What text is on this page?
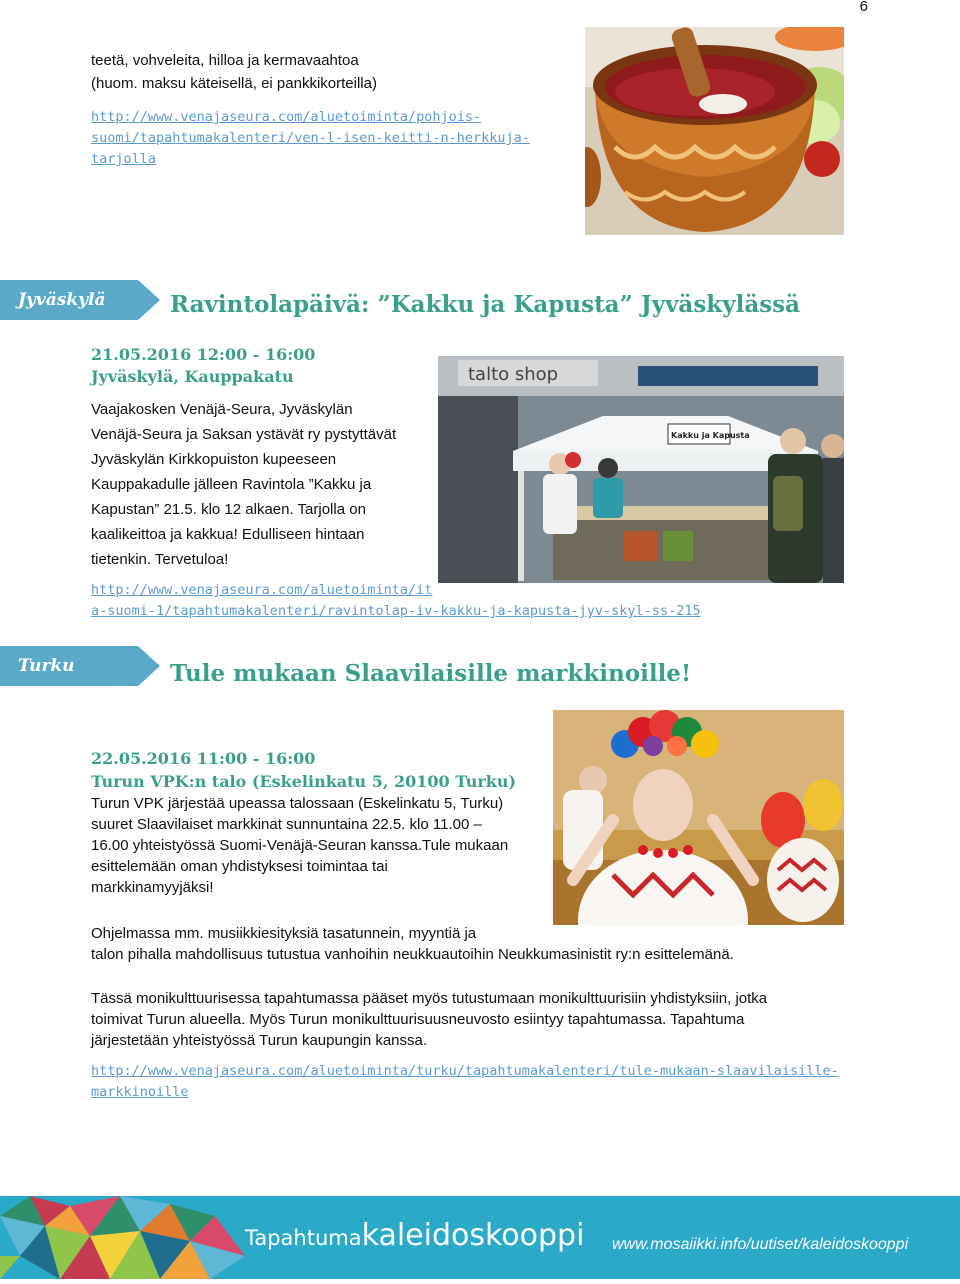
6
teetä, vohveleita, hilloa ja kermavaahtoa
(huom. maksu käteisellä, ei pankkikorteilla)
http://www.venajaseura.com/aluetoiminta/pohjois-
suomi/tapahtumakalenteri/ven-l-isen-keitti-n-herkkuja-tarjolla
Jyväskylä	Ravintolapäivä: ”Kakku ja Kapusta” Jyväskylässä
21.05.2016 12:00 - 16:00
Jyväskylä, Kauppakatu
Vaajakosken Venäjä-Seura, Jyväskylän
Venäjä-Seura ja Saksan ystävät ry pystyttävät
Jyväskylän Kirkkopuiston kupeeseen
Kauppakadulle jälleen Ravintola ”Kakku ja
Kapustan” 21.5. klo 12 alkaen. Tarjolla on
kaalikeittoa ja kakkua! Edulliseen hintaan
tietenkin. Tervetuloa!
talto shop
Kakku ja Kapusta
http://www.venajaseura.com/aluetoiminta/it
a-suomi-1/tapahtumakalenteri/ravintolap-iv-kakku-ja-kapusta-jyv-skyl-ss-215
Turku	Tule mukaan Slaavilaisille markkinoille!
22.05.2016 11:00 - 16:00
Turun VPK:n talo (Eskelinkatu 5, 20100 Turku)
Turun VPK järjestää upeassa talossaan (Eskelinkatu 5, Turku)
suuret Slaavilaiset markkinat sunnuntaina 22.5. klo 11.00 –
16.00 yhteistyössä Suomi-Venäjä-Seuran kanssa.Tule mukaan
esittelemään oman yhdistyksesi toimintaa tai
markkinamyyjäksi!
Ohjelmassa mm. musiikkiesityksiä tasatunnein, myyntiä ja
talon pihalla mahdollisuus tutustua vanhoihin neukkuautoihin Neukkumasinistit ry:n esittelemänä.
Tässä monikulttuurisessa tapahtumassa pääset myös tutustumaan monikulttuurisiin yhdistyksiin, jotka
toimivat Turun alueella. Myös Turun monikulttuurisuusneuvosto esiintyy tapahtumassa. Tapahtuma
järjestetään yhteistyössä Turun kaupungin kanssa.
http://www.venajaseura.com/aluetoiminta/turku/tapahtumakalenteri/tule-mukaan-slaavilaisille-
markkinoille
Tapahtumakaleidoskooppi www.mosaiikki.info/uutiset/kaleidoskooppi
